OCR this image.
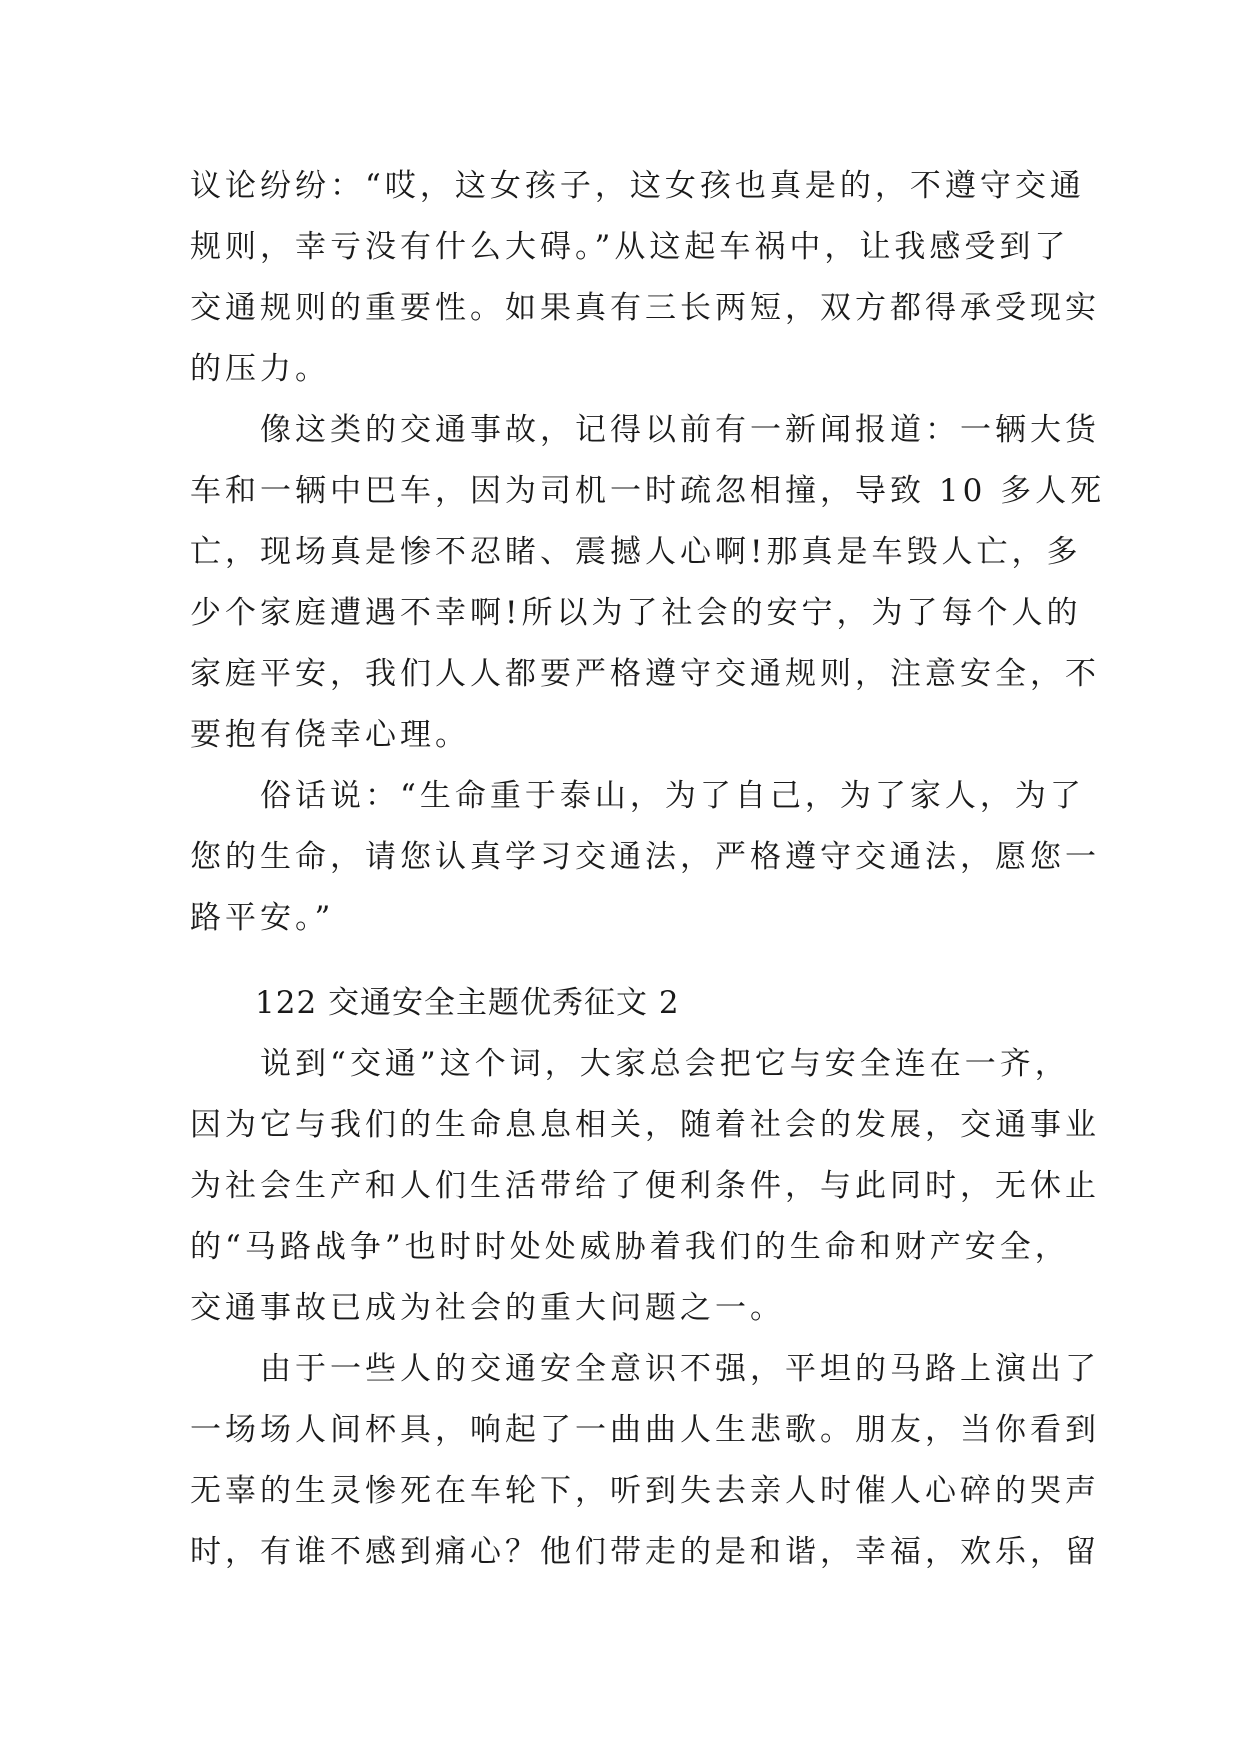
议论纷纷：“哎，这女孩子，这女孩也真是的，不遵守交通
规则，幸亏没有什么大碍。”从这起车祸中，让我感受到了
交通规则的重要性。如果真有三长两短，双方都得承受现实
的压力。
　　像这类的交通事故，记得以前有一新闻报道：一辆大货
车和一辆中巴车，因为司机一时疏忽相撞，导致 10 多人死
亡，现场真是惨不忍睹、震撼人心啊!那真是车毁人亡，多
少个家庭遭遇不幸啊!所以为了社会的安宁，为了每个人的
家庭平安，我们人人都要严格遵守交通规则，注意安全，不
要抱有侥幸心理。
　　俗话说：“生命重于泰山，为了自己，为了家人，为了
您的生命，请您认真学习交通法，严格遵守交通法，愿您一
路平安。”
122 交通安全主题优秀征文 2
　　说到“交通”这个词，大家总会把它与安全连在一齐，
因为它与我们的生命息息相关，随着社会的发展，交通事业
为社会生产和人们生活带给了便利条件，与此同时，无休止
的“马路战争”也时时处处威胁着我们的生命和财产安全，
交通事故已成为社会的重大问题之一。
　　由于一些人的交通安全意识不强，平坦的马路上演出了
一场场人间杯具，响起了一曲曲人生悲歌。朋友，当你看到
无辜的生灵惨死在车轮下，听到失去亲人时催人心碎的哭声
时，有谁不感到痛心？他们带走的是和谐，幸福，欢乐，留
